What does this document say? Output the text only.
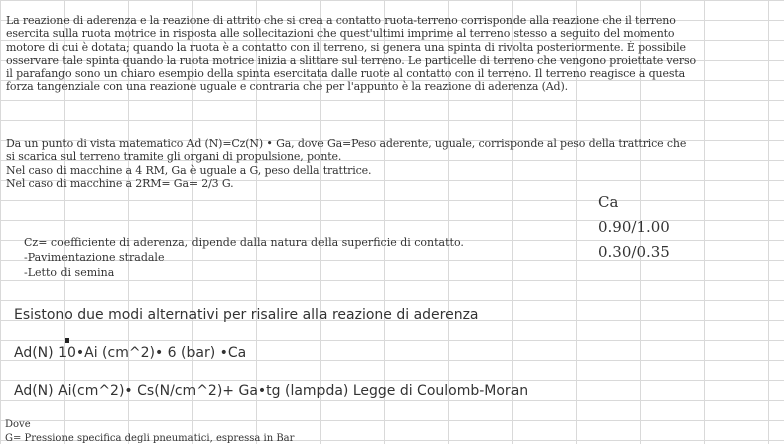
La reazione di aderenza e la reazione di attrito che si crea a contatto ruota-terreno corrisponde alla reazione che il terreno
esercita sulla ruota motrice in risposta alle sollecitazioni che quest'ultimi imprime al terreno stesso a seguito del momento
motore di cui è dotata; quando la ruota è a contatto con il terreno, si genera una spinta di rivolta posteriormente. È possibile
osservare tale spinta quando la ruota motrice inizia a slittare sul terreno. Le particelle di terreno che vengono proiettate verso
il parafango sono un chiaro esempio della spinta esercitata dalle ruote al contatto con il terreno. Il terreno reagisce a questa
forza tangenziale con una reazione uguale e contraria che per l'appunto è la reazione di aderenza (Ad).
Da un punto di vista matematico Ad (N)=Cz(N) • Ga, dove Ga=Peso aderente, uguale, corrisponde al peso della trattrice che
si scarica sul terreno tramite gli organi di propulsione, ponte.
Nel caso di macchine a 4 RM, Ga è uguale a G, peso della trattrice.
Nel caso di macchine a 2RM= Ga= 2/3 G.
Ca
0.90/1.00
0.30/0.35
Cz= coefficiente di aderenza, dipende dalla natura della superficie di contatto.
-Pavimentazione stradale
-Letto di semina
Esistono due modi alternativi per risalire alla reazione di aderenza
Ad(N) 10•Ai (cm^2)• 6 (bar) •Ca
Ad(N) Ai(cm^2)• Cs(N/cm^2)+ Ga•tg (lampda) Legge di Coulomb-Moran
Dove
G= Pressione specifica degli pneumatici, espressa in Bar
